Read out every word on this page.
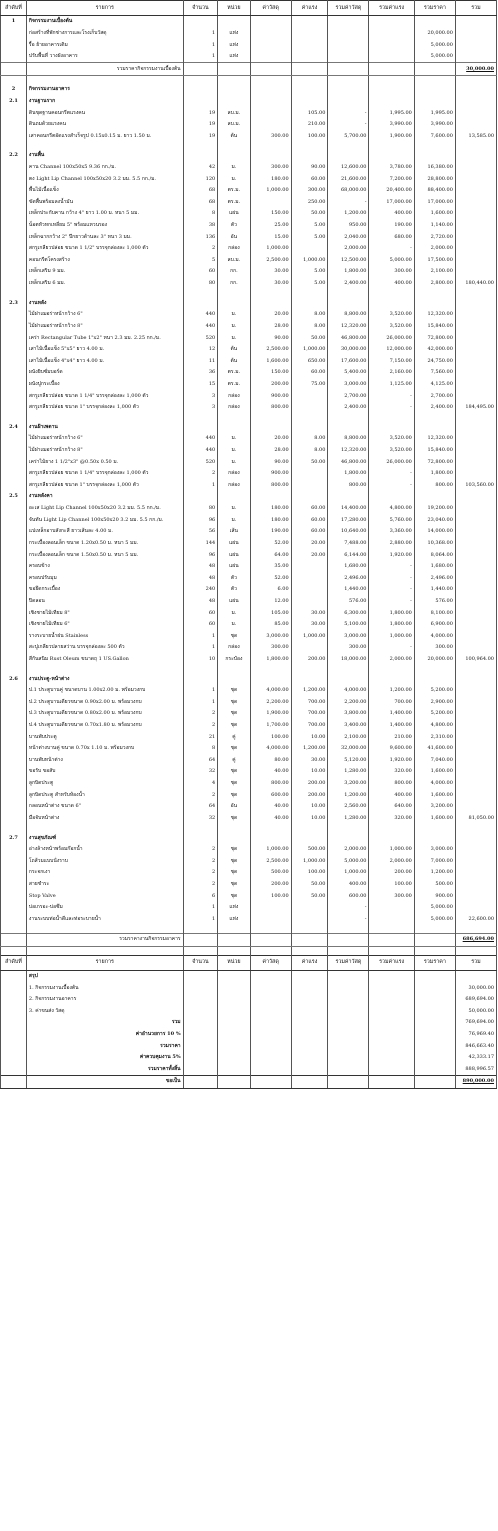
ลำดับที่	รายการ	จำนวน	หน่วย	ค่าวัสดุ	ค่าแรง	รวมค่าวัสดุ	รวมค่าแรง	รวมราคา	รวม
1	กิจกรรมงานเบื้องต้น								
	ก่อสร้างที่พักช่างการและโรงเก็บวัสดุ	1	แห่ง					20,000.00	
	รื้อ ย้ายอาคารเดิม	1	แห่ง					5,000.00	
	ปรับพื้นที่ วางผังอาคาร	1	แห่ง					5,000.00	
	รวมราคากิจกรรมงานเบื้องต้น								30,000.00

2	กิจกรรมงานอาคาร								
2.1	งานฐานราก								
	ดินขุดฐานคอนกรีตแรงคน	19	ลบ.ม.		105.00	-	1,995.00	1,995.00	
	ดินถมด้วยแรงคน	19	ลบ.ม.		210.00	-	3,990.00	3,990.00	
	เสาคอนกรีตอัดแรงสำเร็จรูป 0.15x0.15 ม. ยาว 1.50 ม.	19	ต้น	300.00	100.00	5,700.00	1,900.00	7,600.00	13,585.00

2.2	งานพื้น								
	คาน Channel 100x50x5 9.36 กก./ม.	42	ม.	300.00	90.00	12,600.00	3,780.00	16,380.00	
	ตง Light Lip Channel 100x50x20 3.2 มม. 5.5 กก./ม.	120	ม.	180.00	60.00	21,600.00	7,200.00	28,800.00	
	พื้นไม้เนื้อแข็ง	68	ตร.ม.	1,000.00	300.00	68,000.00	20,400.00	88,400.00	
	ขัดพื้นพร้อมลงน้ำมัน	68	ตร.ม.		250.00	-	17,000.00	17,000.00	
	เหล็กประกับคาน กว้าง 4" ยาว 1.00 ม. หนา 5 มม.	8	แผ่น	150.00	50.00	1,200.00	400.00	1,600.00	
	น็อตหัวหกเหลี่ยม 5" พร้อมแหวนรอง	38	ตัว	25.00	5.00	950.00	190.00	1,140.00	
	เหล็กฉากกว้าง 2" ปีกยาวด้านละ 3" หนา 3 มม.	136	อัน	15.00	5.00	2,040.00	680.00	2,720.00	
	สกรูเกลียวปล่อย ขนาด 1 1/2" บรรจุกล่องละ 1,000 ตัว	2	กล่อง	1,000.00		2,000.00	-	2,000.00	
	คอนกรีตโครงสร้าง	5	ลบ.ม.	2,500.00	1,000.00	12,500.00	5,000.00	17,500.00	
	เหล็กเสริม 9 มม.	60	กก.	30.00	5.00	1,800.00	300.00	2,100.00	
	เหล็กเสริม 6 มม.	80	กก.	30.00	5.00	2,400.00	400.00	2,800.00	180,440.00

2.3	งานหลัง								
	ไม้ฝาเฌอร่าหน้ากว้าง 6"	440	ม.	20.00	8.00	8,800.00	3,520.00	12,320.00	
	ไม้ฝาเฌอร่าหน้ากว้าง 8"	440	ม.	28.00	8.00	12,320.00	3,520.00	15,840.00	
	เคร่า Rectangular Tube 1"x2" หนา 2.3 มม. 2.25 กก./ม.	520	ม.	90.00	50.00	46,800.00	26,000.00	72,800.00	
	เสาไม้เนื้อแข็ง 5"x5" ยาว 4.00 ม.	12	ต้น	2,500.00	1,000.00	30,000.00	12,000.00	42,000.00	
	เสาไม้เนื้อแข็ง 4"x4" ยาว 4.00 ม.	11	ต้น	1,600.00	650.00	17,600.00	7,150.00	24,750.00	
	ผนังยิบซั่มบอร์ด	36	ตร.ม.	150.00	60.00	5,400.00	2,160.00	7,560.00	
	ผนังปูกระเบื้อง	15	ตร.ม.	200.00	75.00	3,000.00	1,125.00	4,125.00	
	สกรูเกลียวปล่อย ขนาด 1 1/4" บรรจุกล่องละ 1,000 ตัว	3	กล่อง	900.00		2,700.00	-	2,700.00	
	สกรูเกลียวปล่อย ขนาด 1" บรรจุกล่องละ 1,000 ตัว	3	กล่อง	800.00		2,400.00	-	2,400.00	184,495.00

2.4	งานฝ้าเพดาน								
	ไม้ฝาเฌอร่าหน้ากว้าง 6"	440	ม.	20.00	8.00	8,800.00	3,520.00	12,320.00	
	ไม้ฝาเฌอร่าหน้ากว้าง 8"	440	ม.	28.00	8.00	12,320.00	3,520.00	15,840.00	
	เคร่าไม้ยาง 1 1/2"x3" @0.50x 0.50 ม.	520	ม.	90.00	50.00	46,800.00	26,000.00	72,800.00	
	สกรูเกลียวปล่อย ขนาด 1 1/4" บรรจุกล่องละ 1,000 ตัว	2	กล่อง	900.00		1,800.00	-	1,800.00	
	สกรูเกลียวปล่อย ขนาด 1" บรรจุกล่องละ 1,000 ตัว	1	กล่อง	800.00		800.00	-	800.00	103,560.00
2.5	งานหลังคา								
	อะเส Light Lip Channel 100x50x20 3.2 มม. 5.5 กก./ม.	80	ม.	180.00	60.00	14,400.00	4,800.00	19,200.00	
	จันทัน Light Lip Channel 100x50x20 3.2 มม. 5.5 กก./ม.	96	ม.	180.00	60.00	17,280.00	5,760.00	23,040.00	
	แปเหล็กอาบสังกะสี ยาวเส้นละ 4.00 ม.	56	เส้น	190.00	60.00	10,640.00	3,360.00	14,000.00	
	กระเบื้องลอนเล็ก ขนาด 1.20x0.50 ม. หนา 5 มม.	144	แผ่น	52.00	20.00	7,488.00	2,880.00	10,368.00	
	กระเบื้องลอนเล็ก ขนาด 1.50x0.50 ม. หนา 5 มม.	96	แผ่น	64.00	20.00	6,144.00	1,920.00	8,064.00	
	ครอบข้าง	48	แผ่น	35.00		1,680.00	-	1,680.00	
	ครอบปรับมุม	48	ตัว	52.00		2,496.00	-	2,496.00	
	ขอยึดกระเบื้อง	240	ตัว	6.00		1,440.00	-	1,440.00	
	ปิดลอน	48	แผ่น	12.00		576.00	-	576.00	
	เชิงชายไม้เทียม 8"	60	ม.	105.00	30.00	6,300.00	1,800.00	8,100.00	
	เชิงชายไม้เทียม 6"	60	ม.	85.00	30.00	5,100.00	1,800.00	6,900.00	
	รางระบายน้ำฝน Stainless	1	ชุด	3,000.00	1,000.00	3,000.00	1,000.00	4,000.00	
	สะปูเกลียวปลายสว่าน บรรจุกล่องละ 500 ตัว	1	กล่อง	300.00		300.00	-	300.00	
	สีกันสนิม Rust Oleum ขนาดถุ 1 US.Gallon	10	กระป๋อง	1,800.00	200.00	18,000.00	2,000.00	20,000.00	100,964.00

2.6	งานประตู-หน้าต่าง								
	ป.1 ประตูบานคู่ ขนาดบาน 1.00x2.00 ม. พร้อมวงกบ	1	ชุด	4,000.00	1,200.00	4,000.00	1,200.00	5,200.00	
	ป.2 ประตูบานเดียวขนาด 0.90x2.00 ม. พร้อมวงกบ	1	ชุด	2,200.00	700.00	2,200.00	700.00	2,900.00	
	ป.3 ประตูบานเดียวขนาด 0.80x2.00 ม. พร้อมวงกบ	2	ชุด	1,900.00	700.00	3,800.00	1,400.00	5,200.00	
	ป.4 ประตูบานเดียวขนาด 0.70x1.80 ม. พร้อมวงกบ	2	ชุด	1,700.00	700.00	3,400.00	1,400.00	4,800.00	
	บานพับประตู	21	คู่	100.00	10.00	2,100.00	210.00	2,310.00	
	หน้าต่างบานคู่ ขนาด 0.70x 1.10 ม. พร้อมวงกบ	8	ชุด	4,000.00	1,200.00	32,000.00	9,600.00	41,600.00	
	บานพับหน้าต่าง	64	คู่	80.00	30.00	5,120.00	1,920.00	7,040.00	
	ขอรับ ขอสับ	32	ชุด	40.00	10.00	1,280.00	320.00	1,600.00	
	ลูกบิดประตู	4	ชุด	800.00	200.00	3,200.00	800.00	4,000.00	
	ลูกบิดประตู สำหรับห้องน้ำ	2	ชุด	600.00	200.00	1,200.00	400.00	1,600.00	
	กลอนหน้าต่าง ขนาด 6"	64	อัน	40.00	10.00	2,560.00	640.00	3,200.00	
	มือจับหน้าต่าง	32	ชุด	40.00	10.00	1,280.00	320.00	1,600.00	81,050.00

2.7	งานสุขภัณฑ์								
	อ่างล้างหน้าพร้อมก๊อกน้ำ	2	ชุด	1,000.00	500.00	2,000.00	1,000.00	3,000.00	
	โถส้วมแบบนั่งราบ	2	ชุด	2,500.00	1,000.00	5,000.00	2,000.00	7,000.00	
	กระจกเงา	2	ชุด	500.00	100.00	1,000.00	200.00	1,200.00	
	สายชำระ	2	ชุด	200.00	50.00	400.00	100.00	500.00	
	Stop Valve	6	ชุด	100.00	50.00	600.00	300.00	900.00	
	บ่อเกรอะ-บ่อซึม	1	แห่ง			-		5,000.00	
	งานระบบท่อน้ำดีและท่อระบายน้ำ	1	แห่ง			-		5,000.00	22,600.00

	รวมราคางานกิจกรรมอาคาร								686,694.00

ลำดับที่	รายการ	จำนวน	หน่วย	ค่าวัสดุ	ค่าแรง	รวมค่าวัสดุ	รวมค่าแรง	รวมราคา	รวม
	สรุป								
	1. กิจกรรมงานเบื้องต้น								30,000.00
	2. กิจกรรมงานอาคาร								689,694.00
	3. ค่าขนส่ง วัสดุ								50,000.00
	รวม								769,694.00
	ค่าอำนวยการ 10 %								76,969.40
	รวมราคา								846,663.40
	ค่าควบคุมงาน 5%								42,333.17
	รวมราคาทั้งสิ้น								888,996.57
	ขอเป็น								890,000.00
